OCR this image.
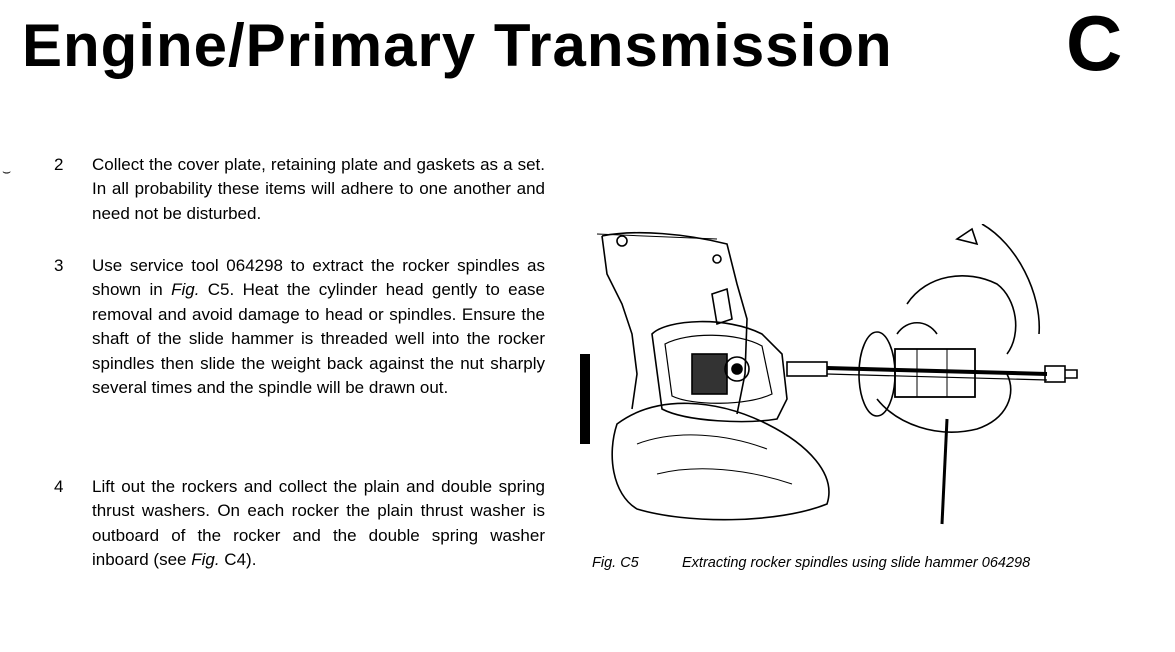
Engine/Primary Transmission C
⌣	2 Collect the cover plate, retaining plate and gaskets as a set. In all probability these items will adhere to one another and need not be disturbed.
3 Use service tool 064298 to extract the rocker spindles as shown in Fig. C5. Heat the cylinder head gently to ease removal and avoid damage to head or spindles. Ensure the shaft of the slide hammer is threaded well into the rocker spindles then slide the weight back against the nut sharply several times and the spindle will be drawn out.
4 Lift out the rockers and collect the plain and double spring thrust washers. On each rocker the plain thrust washer is outboard of the rocker and the double spring washer inboard (see Fig. C4).	Fig. C5	Extracting rocker spindles using slide hammer 064298
